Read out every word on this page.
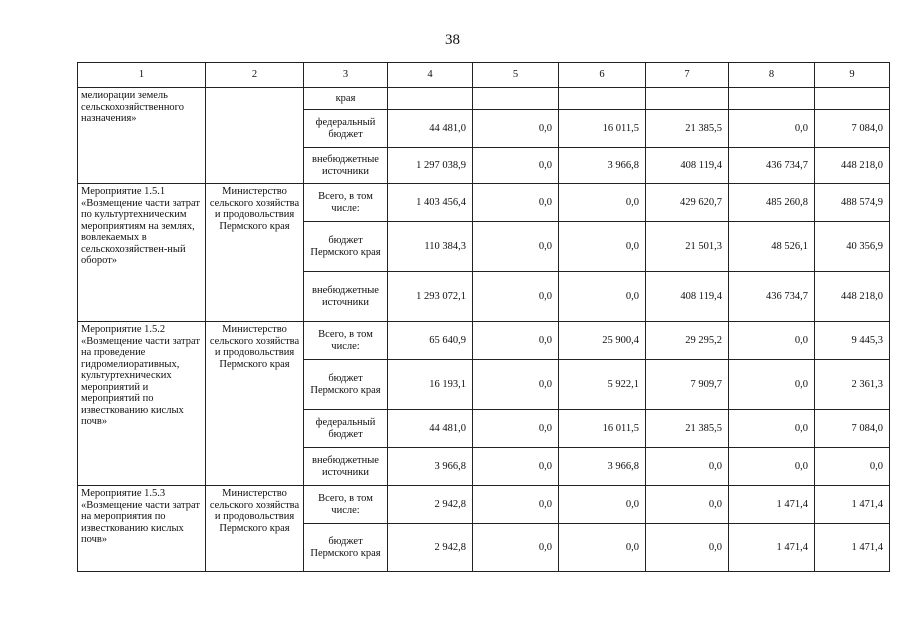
38
1	2	3	4	5	6	7	8	9
мелиорации земель сельскохозяйственного назначения»		края						
		федеральный бюджет	44 481,0	0,0	16 011,5	21 385,5	0,0	7 084,0
		внебюджетные источники	1 297 038,9	0,0	3 966,8	408 119,4	436 734,7	448 218,0
Мероприятие 1.5.1 «Возмещение части затрат по культуртехническим мероприятиям на землях, вовлекаемых в сельскохозяйствен-ный оборот»	Министерство сельского хозяйства и продовольствия Пермского края	Всего, в том числе:	1 403 456,4	0,0	0,0	429 620,7	485 260,8	488 574,9
		бюджет Пермского края	110 384,3	0,0	0,0	21 501,3	48 526,1	40 356,9
		внебюджетные источники	1 293 072,1	0,0	0,0	408 119,4	436 734,7	448 218,0
Мероприятие 1.5.2 «Возмещение части затрат на проведение гидромелиоративных, культуртехнических мероприятий и мероприятий по известкованию кислых почв»	Министерство сельского хозяйства и продовольствия Пермского края	Всего, в том числе:	65 640,9	0,0	25 900,4	29 295,2	0,0	9 445,3
		бюджет Пермского края	16 193,1	0,0	5 922,1	7 909,7	0,0	2 361,3
		федеральный бюджет	44 481,0	0,0	16 011,5	21 385,5	0,0	7 084,0
		внебюджетные источники	3 966,8	0,0	3 966,8	0,0	0,0	0,0
Мероприятие 1.5.3 «Возмещение части затрат на мероприятия по известкованию кислых почв»	Министерство сельского хозяйства и продовольствия Пермского края	Всего, в том числе:	2 942,8	0,0	0,0	0,0	1 471,4	1 471,4
		бюджет Пермского края	2 942,8	0,0	0,0	0,0	1 471,4	1 471,4
